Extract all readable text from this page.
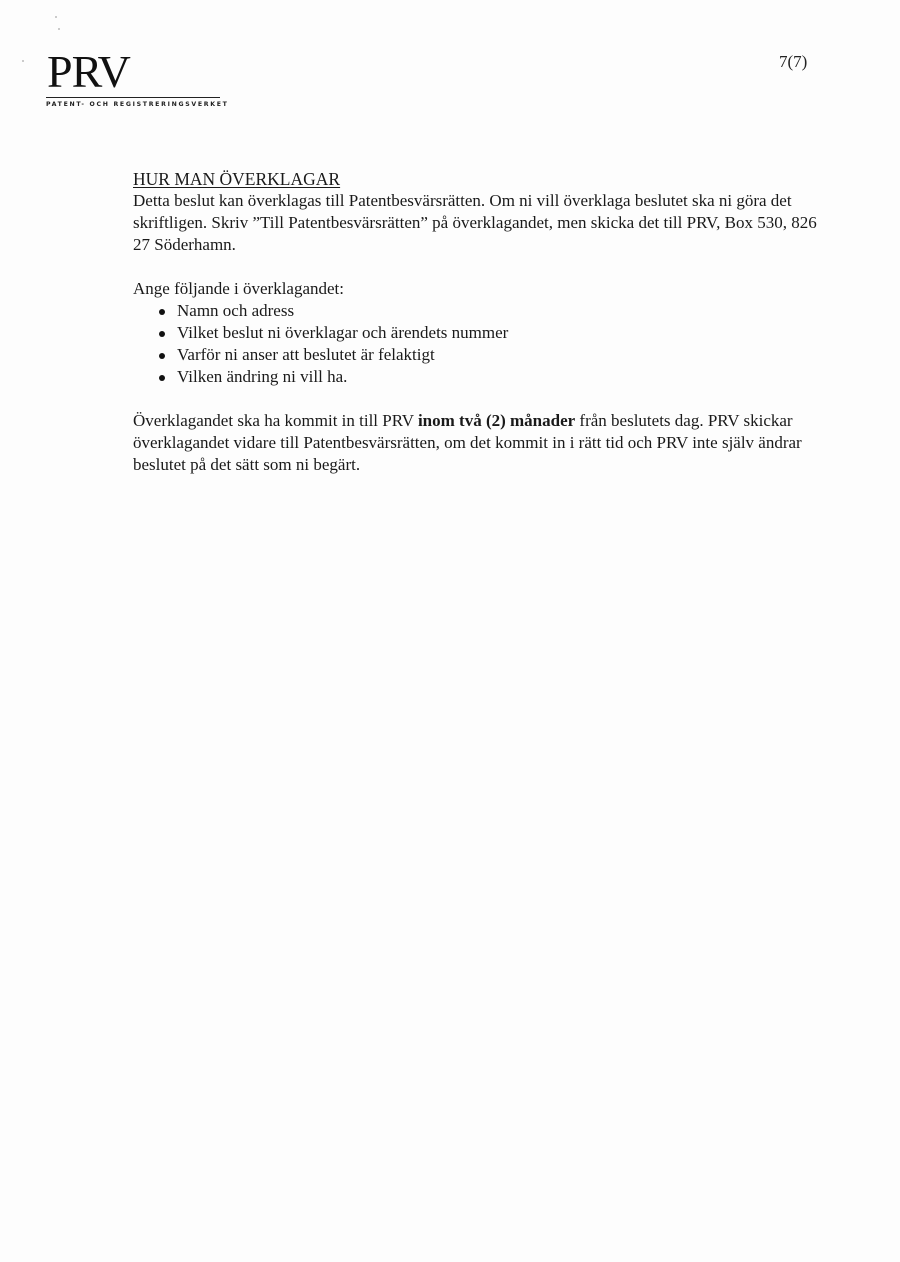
PRV
PATENT- OCH REGISTRERINGSVERKET
7(7)
HUR MAN ÖVERKLAGAR

Detta beslut kan överklagas till Patentbesvärsrätten. Om ni vill överklaga beslutet ska ni göra det skriftligen. Skriv ”Till Patentbesvärsrätten” på överklagandet, men skicka det till PRV, Box 530, 826 27 Söderhamn.

Ange följande i överklagandet:

Namn och adress
Vilket beslut ni överklagar och ärendets nummer
Varför ni anser att beslutet är felaktigt
Vilken ändring ni vill ha.

Överklagandet ska ha kommit in till PRV inom två (2) månader från beslutets dag. PRV skickar överklagandet vidare till Patentbesvärsrätten, om det kommit in i rätt tid och PRV inte själv ändrar beslutet på det sätt som ni begärt.
